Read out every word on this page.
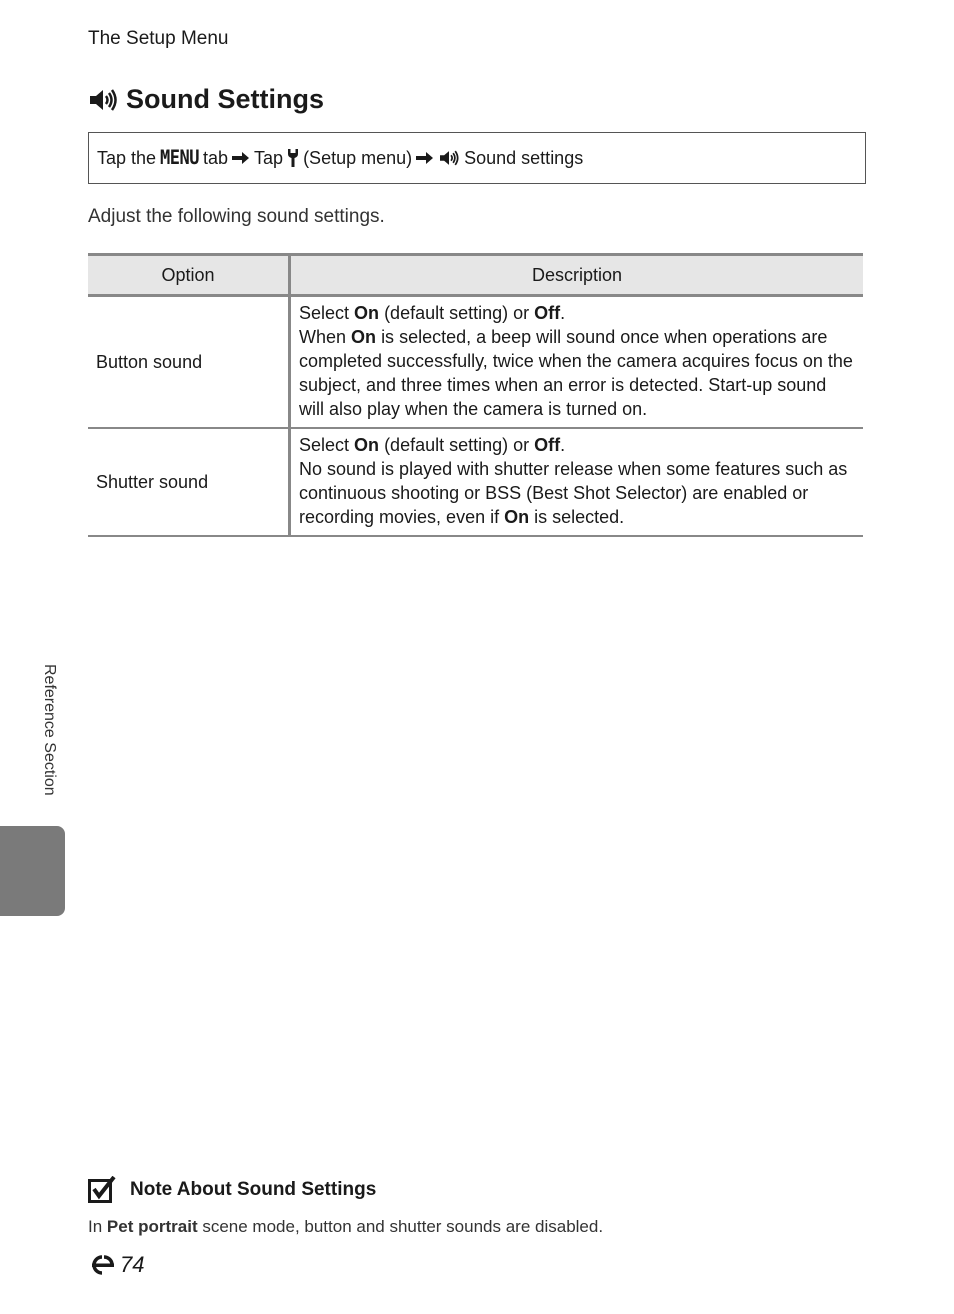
The Setup Menu
Sound Settings
Tap the MENU tab Tap (Setup menu)	Sound settings
Adjust the following sound settings.
Option	Description
Button sound	Select On (default setting) or Off.
When On is selected, a beep will sound once when operations are completed successfully, twice when the camera acquires focus on the subject, and three times when an error is detected. Start-up sound will also play when the camera is turned on.
Shutter sound	Select On (default setting) or Off.
No sound is played with shutter release when some features such as continuous shooting or BSS (Best Shot Selector) are enabled or recording movies, even if On is selected.
Reference Section
Note About Sound Settings
In Pet portrait scene mode, button and shutter sounds are disabled.
74
